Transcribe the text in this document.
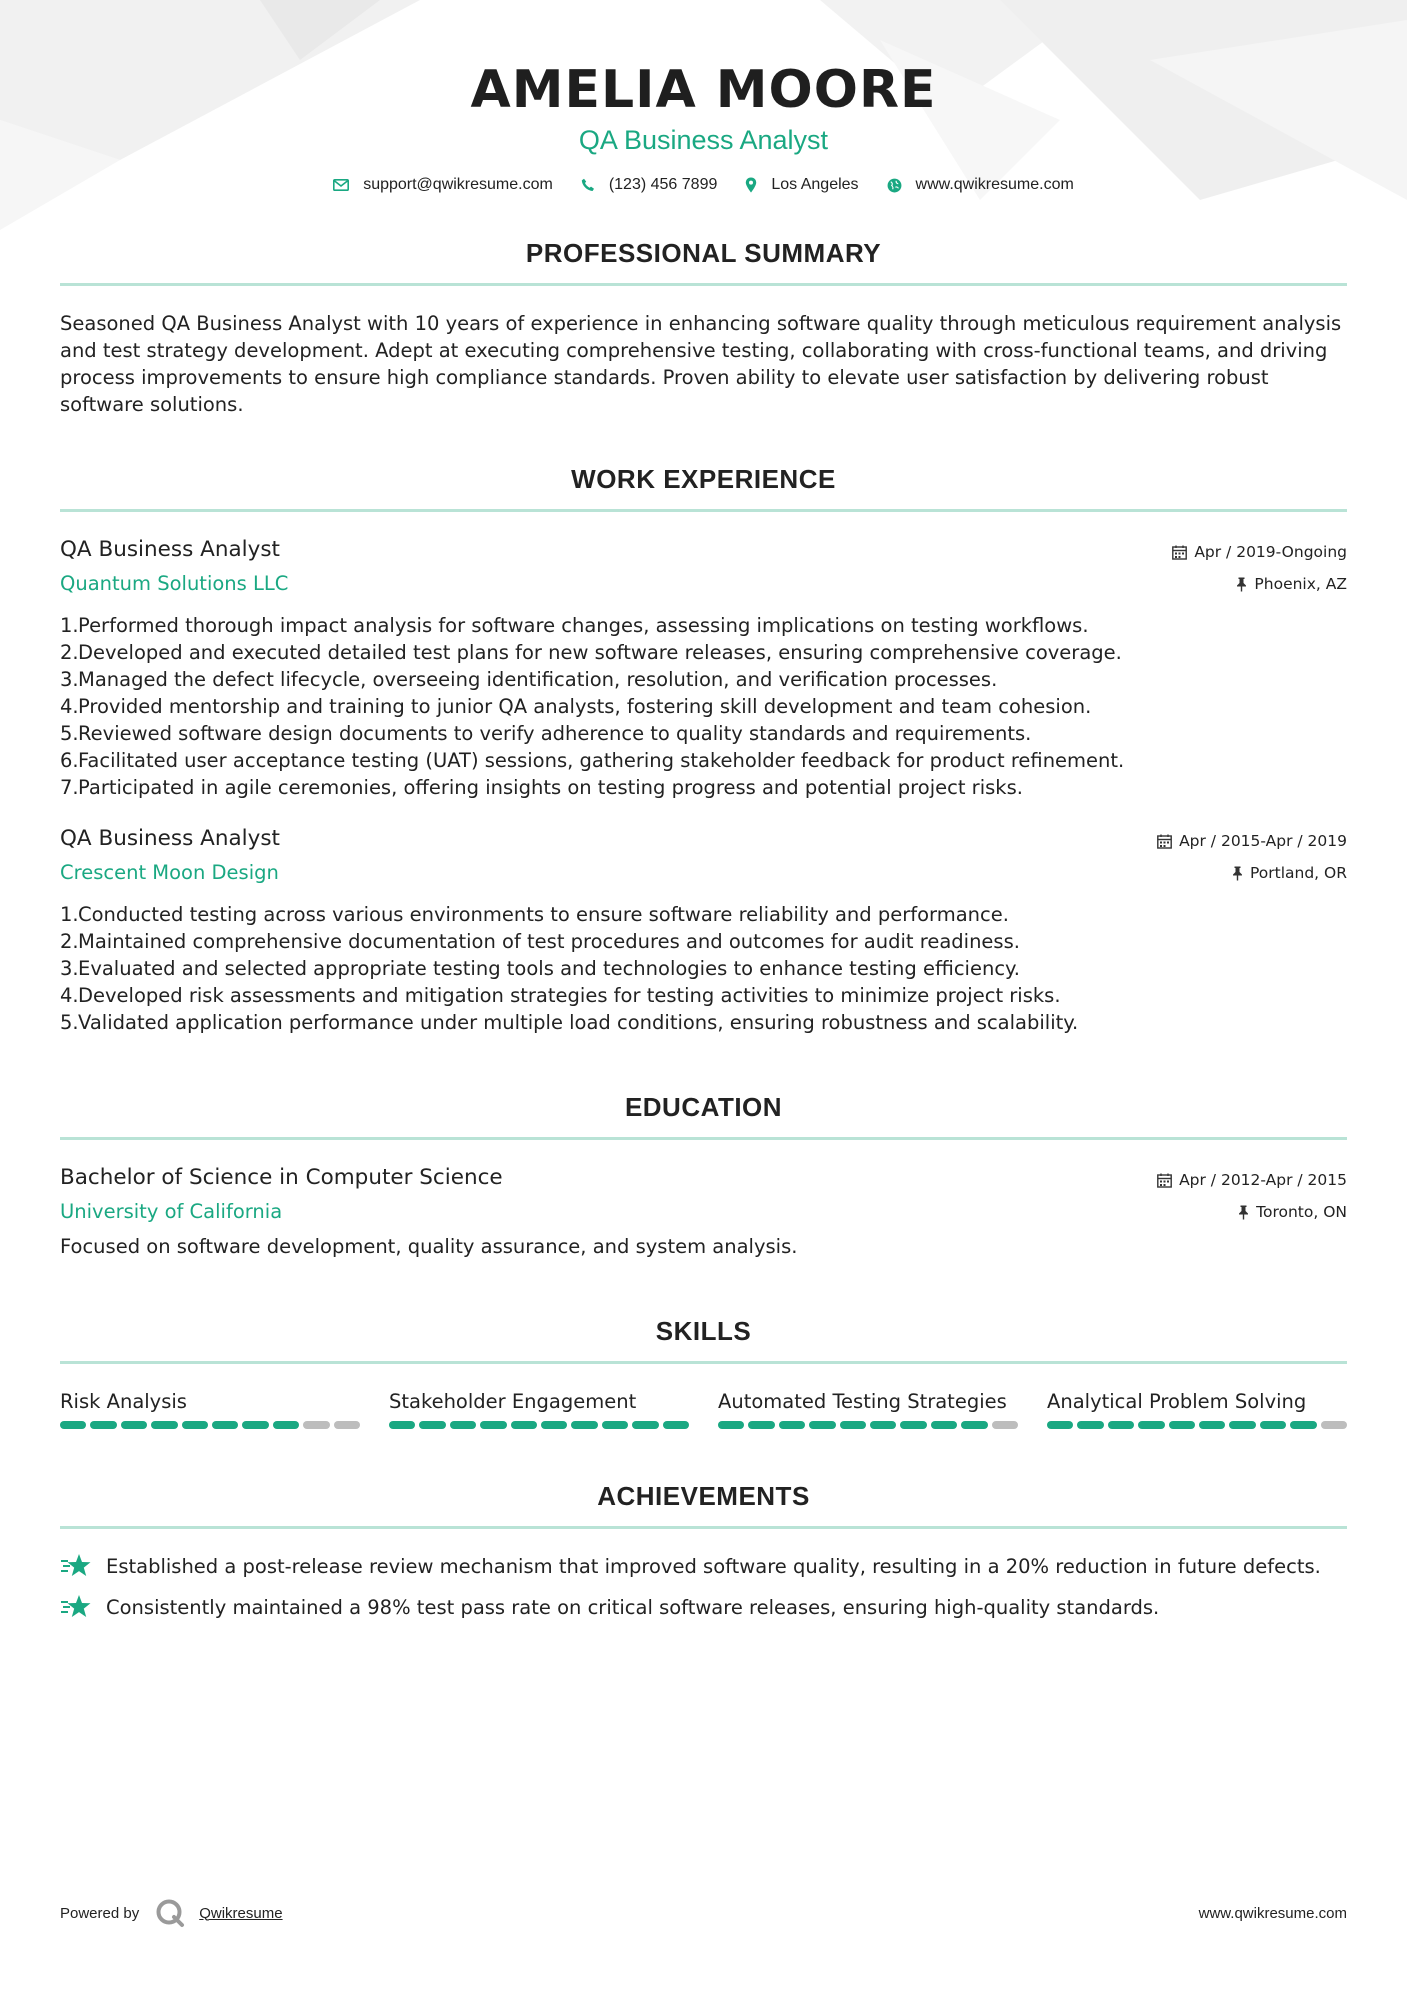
AMELIA MOORE
QA Business Analyst
support@qwikresume.com	(123) 456 7899	Los Angeles	www.qwikresume.com
PROFESSIONAL SUMMARY

Seasoned QA Business Analyst with 10 years of experience in enhancing software quality through meticulous requirement analysis and test strategy development. Adept at executing comprehensive testing, collaborating with cross-functional teams, and driving process improvements to ensure high compliance standards. Proven ability to elevate user satisfaction by delivering robust software solutions.

WORK EXPERIENCE
QA Business Analyst
Quantum Solutions LLC
Apr / 2019-Ongoing
Phoenix, AZ
1. Performed thorough impact analysis for software changes, assessing implications on testing workflows.
2. Developed and executed detailed test plans for new software releases, ensuring comprehensive coverage.
3. Managed the defect lifecycle, overseeing identification, resolution, and verification processes.
4. Provided mentorship and training to junior QA analysts, fostering skill development and team cohesion.
5. Reviewed software design documents to verify adherence to quality standards and requirements.
6. Facilitated user acceptance testing (UAT) sessions, gathering stakeholder feedback for product refinement.
7. Participated in agile ceremonies, offering insights on testing progress and potential project risks.
QA Business Analyst
Crescent Moon Design
Apr / 2015-Apr / 2019
Portland, OR
1. Conducted testing across various environments to ensure software reliability and performance.
2. Maintained comprehensive documentation of test procedures and outcomes for audit readiness.
3. Evaluated and selected appropriate testing tools and technologies to enhance testing efficiency.
4. Developed risk assessments and mitigation strategies for testing activities to minimize project risks.
5. Validated application performance under multiple load conditions, ensuring robustness and scalability.
EDUCATION
Bachelor of Science in Computer Science
University of California
Apr / 2012-Apr / 2015
Toronto, ON

Focused on software development, quality assurance, and system analysis.

SKILLS
Risk Analysis	Stakeholder Engagement	Automated Testing Strategies	Analytical Problem Solving
ACHIEVEMENTS
Established a post-release review mechanism that improved software quality, resulting in a 20% reduction in future defects.
Consistently maintained a 98% test pass rate on critical software releases, ensuring high-quality standards.
Powered by	Qwikresume	www.qwikresume.com
